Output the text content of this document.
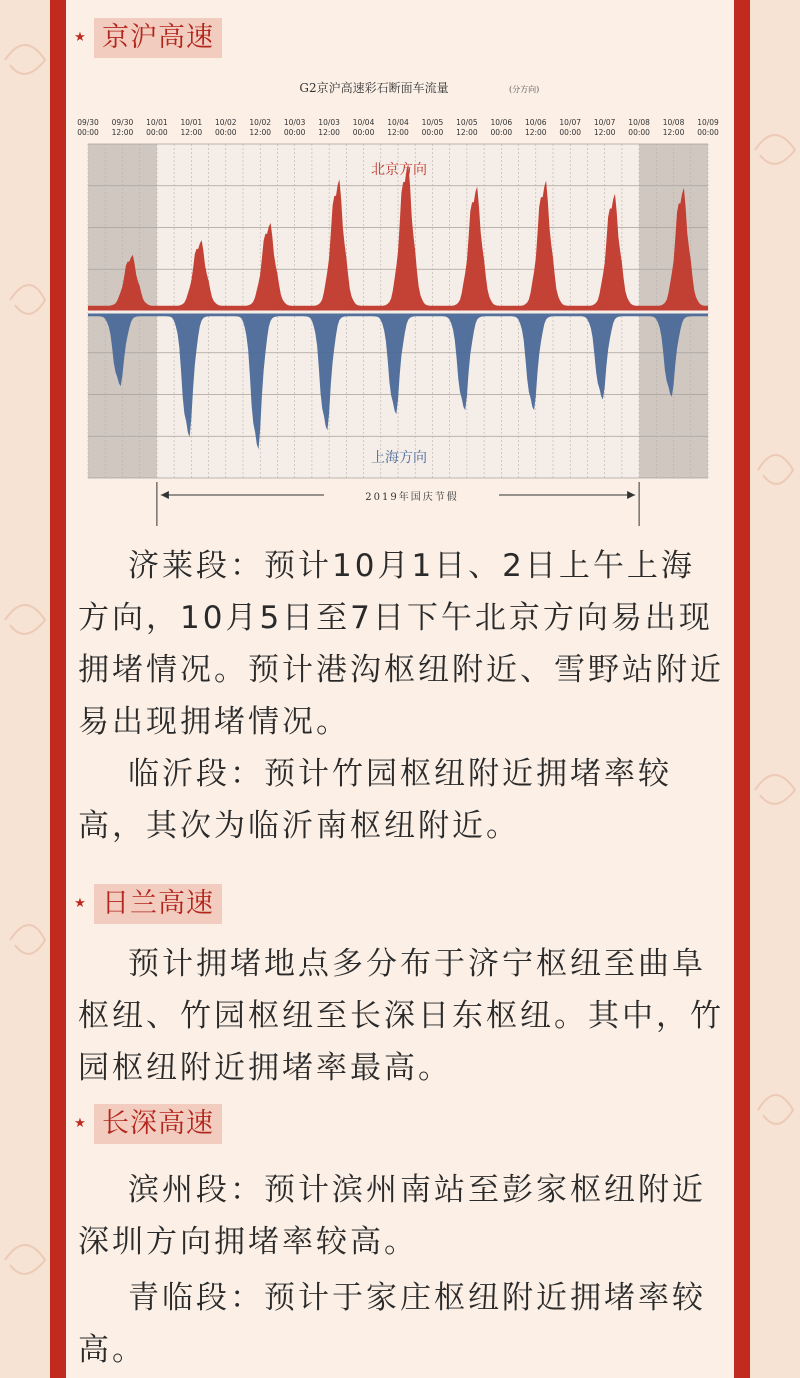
★ 京沪高速
G2京沪高速彩石断面车流量	(分方向)
09/30
00:00
09/30
12:00
10/01
00:00
10/01
12:00
10/02
00:00
10/02
12:00
10/03
00:00
10/03
12:00
10/04
00:00
10/04
12:00
10/05
00:00
10/05
12:00
10/06
00:00
10/06
12:00
10/07
00:00
10/07
12:00
10/08
00:00
10/08
12:00
10/09
00:00
北京方向
上海方向
2019年国庆节假

济莱段：预计10月1日、2日上午上海方向，10月5日至7日下午北京方向易出现拥堵情况。预计港沟枢纽附近、雪野站附近易出现拥堵情况。

临沂段：预计竹园枢纽附近拥堵率较高，其次为临沂南枢纽附近。

★ 日兰高速

预计拥堵地点多分布于济宁枢纽至曲阜枢纽、竹园枢纽至长深日东枢纽。其中，竹园枢纽附近拥堵率最高。

★ 长深高速

滨州段：预计滨州南站至彭家枢纽附近深圳方向拥堵率较高。

青临段：预计于家庄枢纽附近拥堵率较高。
